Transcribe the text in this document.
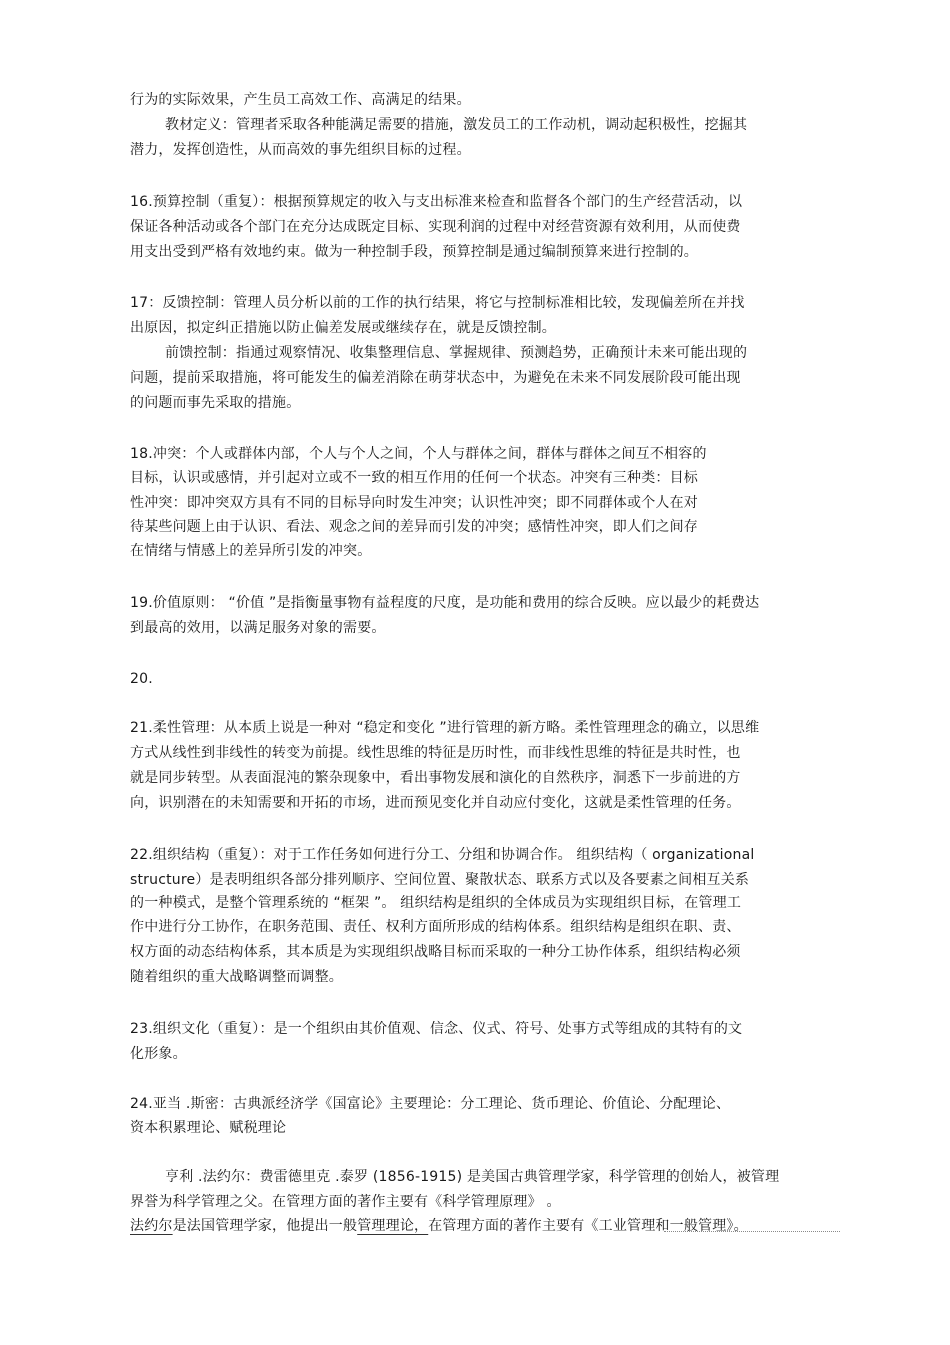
行为的实际效果，产生员工高效工作、高满足的结果。
教材定义：管理者采取各种能满足需要的措施，激发员工的工作动机，调动起积极性，挖掘其
潜力，发挥创造性，从而高效的事先组织目标的过程。
16.预算控制（重复）：根据预算规定的收入与支出标准来检查和监督各个部门的生产经营活动，以
保证各种活动或各个部门在充分达成既定目标、实现利润的过程中对经营资源有效利用，从而使费
用支出受到严格有效地约束。做为一种控制手段，预算控制是通过编制预算来进行控制的。
17：反馈控制：管理人员分析以前的工作的执行结果，将它与控制标准相比较，发现偏差所在并找
出原因，拟定纠正措施以防止偏差发展或继续存在，就是反馈控制。
前馈控制：指通过观察情况、收集整理信息、掌握规律、预测趋势，正确预计未来可能出现的
问题，提前采取措施，将可能发生的偏差消除在萌芽状态中，为避免在未来不同发展阶段可能出现
的问题而事先采取的措施。
18.冲突：个人或群体内部，个人与个人之间，个人与群体之间，群体与群体之间互不相容的
目标，认识或感情，并引起对立或不一致的相互作用的任何一个状态。冲突有三种类：目标
性冲突：即冲突双方具有不同的目标导向时发生冲突；认识性冲突；即不同群体或个人在对
待某些问题上由于认识、看法、观念之间的差异而引发的冲突；感情性冲突，即人们之间存
在情绪与情感上的差异所引发的冲突。
19.价值原则： “价值 ”是指衡量事物有益程度的尺度，是功能和费用的综合反映。应以最少的耗费达
到最高的效用，以满足服务对象的需要。
20.
21.柔性管理：从本质上说是一种对 “稳定和变化 ”进行管理的新方略。柔性管理理念的确立，以思维
方式从线性到非线性的转变为前提。线性思维的特征是历时性，而非线性思维的特征是共时性，也
就是同步转型。从表面混沌的繁杂现象中，看出事物发展和演化的自然秩序，洞悉下一步前进的方
向，识别潜在的未知需要和开拓的市场，进而预见变化并自动应付变化，这就是柔性管理的任务。
22.组织结构（重复）：对于工作任务如何进行分工、分组和协调合作。 组织结构（ organizational
structure）是表明组织各部分排列顺序、空间位置、聚散状态、联系方式以及各要素之间相互关系
的一种模式，是整个管理系统的 “框架 ”。 组织结构是组织的全体成员为实现组织目标，在管理工
作中进行分工协作，在职务范围、责任、权利方面所形成的结构体系。组织结构是组织在职、责、
权方面的动态结构体系，其本质是为实现组织战略目标而采取的一种分工协作体系，组织结构必须
随着组织的重大战略调整而调整。
23.组织文化（重复）：是一个组织由其价值观、信念、仪式、符号、处事方式等组成的其特有的文
化形象。
24.亚当 .斯密：古典派经济学《国富论》主要理论：分工理论、货币理论、价值论、分配理论、
资本积累理论、赋税理论
亨利 .法约尔：费雷德里克 .泰罗 (1856-1915) 是美国古典管理学家，科学管理的创始人，被管理
界誉为科学管理之父。在管理方面的著作主要有《科学管理原理》 。
法约尔是法国管理学家，他提出一般管理理论，在管理方面的著作主要有《工业管理和一般管理》。
